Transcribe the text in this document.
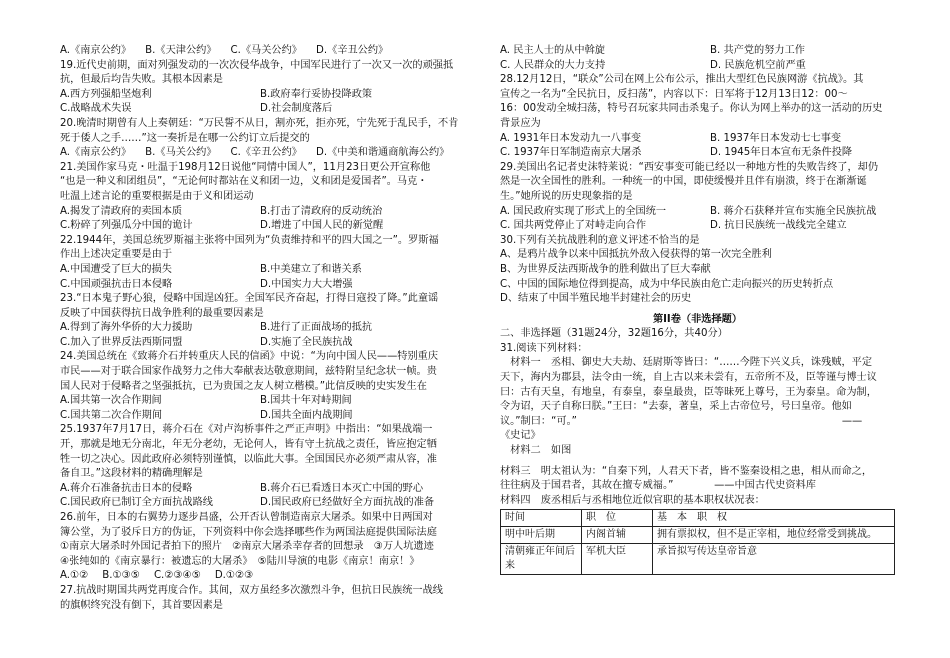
A.《南京公约》 B.《天津公约》 C.《马关公约》 D.《辛丑公约》
19.近代史前期，面对列强发动的一次次侵华战争，中国军民进行了一次又一次的顽强抵
抗，但最后均告失败。其根本因素是
A.西方列强船坚炮利	B.政府奉行妥协投降政策
C.战略战术失误	D.社会制度落后
20.晚清时期曾有人上奏朝廷：“万民誓不从日，割亦死，拒亦死，宁先死于乱民手，不肯
死于倭人之手……”这一奏折是在哪一公约订立后提交的
A.《南京公约》 B.《马关公约》 C.《辛丑公约》 D.《中美和谐通商航海公约》
21.美国作家马克・吐温于198月12日说他“同情中国人”，11月23日更公开宣称他
“也是一种义和团组员”，“无论何时都站在义和团一边，义和团是爱国者”。马克・
吐温上述言论的重要根据是由于义和团运动
A.揭发了清政府的卖国本质	B.打击了清政府的反动统治
C.粉碎了列强瓜分中国的诡计	D.增进了中国人民的新觉醒
22.1944年，美国总统罗斯福主张将中国列为“负责维持和平的四大国之一”。罗斯福
作出上述决定重要是由于
A.中国遭受了巨大的损失	B.中美建立了和谐关系
C.中国顽强抗击日本侵略	D.中国实力大大增强
23.“日本鬼子野心狼，侵略中国逞凶狂。全国军民齐奋起，打得日寇投了降。”此童谣
反映了中国获得抗日战争胜利的最重要因素是
A.得到了海外华侨的大力援助	B.进行了正面战场的抵抗
C.加入了世界反法西斯同盟	D.实施了全民族抗战
24.美国总统在《致蒋介石并转重庆人民的信函》中说：“为向中国人民——特别重庆
市民——对于联合国家作战努力之伟大奉献表达敬意期间，兹特附呈纪念状一帧。贵
国人民对于侵略者之坚强抵抗，已为贵国之友人树立楷模。”此信反映的史实发生在
A.国共第一次合作期间	B.国共十年对峙期间
C.国共第二次合作期间	D.国共全面内战期间
25.1937年7月17日，蒋介石在《对卢沟桥事件之严正声明》中指出：“如果战端一
开，那就是地无分南北，年无分老幼，无论何人，皆有守土抗战之责任，皆应抱定牺
牲一切之决心。因此政府必须特别谨慎，以临此大事。全国国民亦必须严肃从容，准
备自卫。”这段材料的精确理解是
A.蒋介石准备抗击日本的侵略	B.蒋介石已看透日本灭亡中国的野心
C.国民政府已制订全方面抗战路线	D.国民政府已经做好全方面抗战的准备
26.前年，日本的右翼势力逐步昌盛，公开否认曾制造南京大屠杀。如果中日两国对
簿公堂，为了驳斥日方的伪证，下列资料中你会选择哪些作为两国法庭提供国际法庭
①南京大屠杀时外国记者拍下的照片　②南京大屠杀幸存者的回想录　③万人坑遗迹
④张纯如的《南京暴行：被遗忘的大屠杀》　⑤陆川导演的电影《南京！南京！》
A.①② B.①③⑤ C.②③④⑤ D.①②③
27.抗战时期国共两党再度合作。其间，双方虽经多次激烈斗争，但抗日民族统一战线
的旗帜终究没有倒下，其首要因素是
A. 民主人士的从中斡旋	B. 共产党的努力工作
C. 人民群众的大力支持	D. 民族危机空前严重
28.12月12日，“联众”公司在网上公布公示，推出大型红色民族网游《抗战》。其
宣传之一名为“全民抗日，反扫荡”，内容以下：日军将于12月13日12：00～
16：00发动全城扫荡，特号召玩家共同击杀鬼子。你认为网上举办的这一活动的历史
背景应为
A. 1931年日本发动九一八事变	B. 1937年日本发动七七事变
C. 1937年日军制造南京大屠杀	D. 1945年日本宣布无条件投降
29.美国出名记者史沫特莱说：“西安事变可能已经以一种地方性的失败告终了，却仍
然是一次全国性的胜利。一种统一的中国，即使缓慢并且伴有崩溃，终于在渐渐诞
生。”她所说的历史现象指的是
A. 国民政府实现了形式上的全国统一	B. 蒋介石获释并宣布实施全民族抗战
C. 国共两党停止了对峙走向合作	D. 抗日民族统一战线完全建立
30.下列有关抗战胜利的意义评述不恰当的是
A、是鸦片战争以来中国抵抗外敌入侵获得的第一次完全胜利
B、为世界反法西斯战争的胜利做出了巨大奉献
C、中国的国际地位得到提高，成为中华民族由危亡走向振兴的历史转折点
D、结束了中国半殖民地半封建社会的历史
第II卷（非选择题）
二、非选择题（31题24分，32题16分，共40分）
31.阅读下列材料：
　材料一　丞相、御史大夫劫、廷尉斯等皆曰：“……今陛下兴义兵，诛残贼，平定
天下，海内为郡县，法令由一统，自上古以来未尝有，五帝所不及，臣等谨与博士议
曰：古有天皇，有地皇，有泰皇，泰皇最贵，臣等昧死上尊号，王为泰皇。命为制，
令为诏，天子自称曰朕。”王曰：“去泰，著皇，采上古帝位号，号曰皇帝。他如
议。”制曰：“可。”　　　　　　　　　　　　　　　　　　　　　　　　　　——
《史记》
　材料二　如图
材料三　明太祖认为：“自秦下列，人君天下者，皆不鉴秦设相之患，相从而命之，
往往病及于国君者，其故在擅专威福。”　　　　——中国古代史资料库
材料四　废丞相后与丞相地位近似官职的基本职权状况表：
时间	职　位	基　本　职　权
明中叶后期	内阁首辅	拥有票拟权，但不是正宰相，地位经常受到挑战。
清朝雍正年间后来	军机大臣	承旨拟写传达皇帝旨意
